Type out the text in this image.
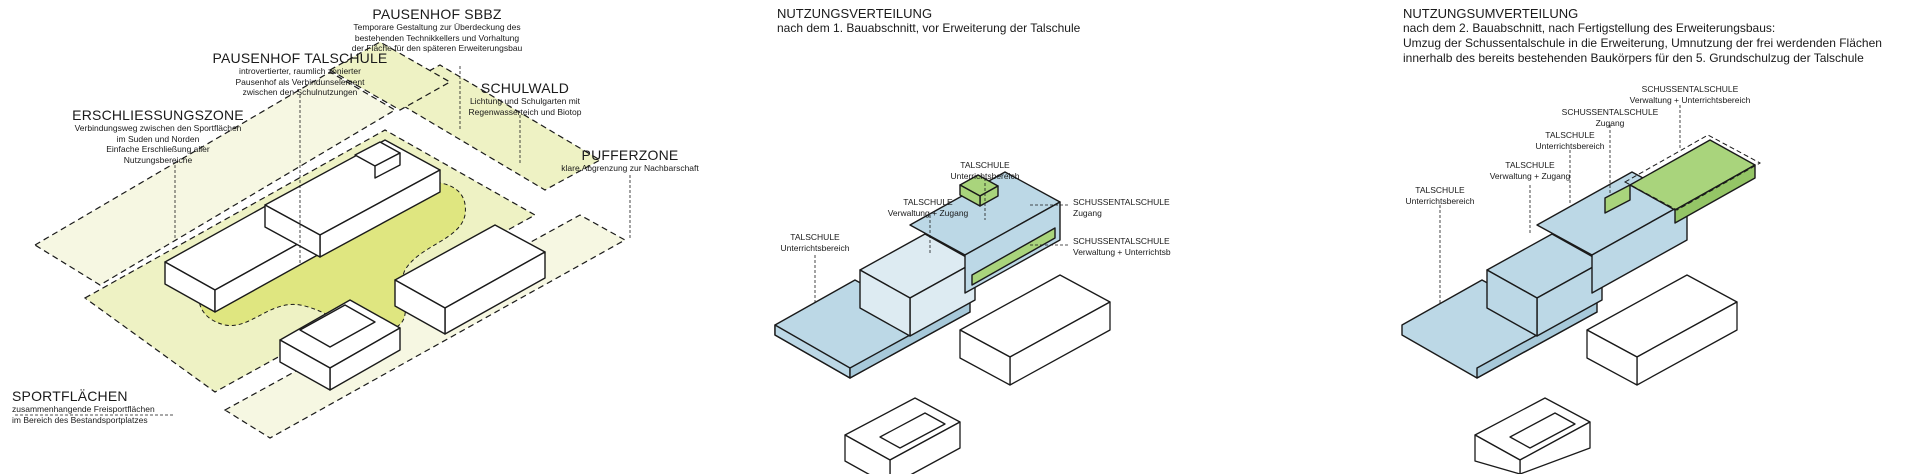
PAUSENHOF SBBZ
Temporare Gestaltung zur Überdeckung des
bestehenden Technikkellers und Vorhaltung
der Fläche für den späteren Erweiterungsbau
PAUSENHOF TALSCHULE
introvertierter, raumlich zonierter
Pausenhof als Verbindunselement
zwischen den Schulnutzungen
ERSCHLIESSUNGSZONE
Verbindungsweg zwischen den Sportflächen
im Suden und Norden
Einfache Erschließung aller
Nutzungsbereiche
SCHULWALD
Lichtung und Schulgarten mit
Regenwasserteich und Biotop
PUFFERZONE
klare Abgrenzung zur Nachbarschaft
SPORTFLÄCHEN
zusammenhangende Freisportflächen
im Bereich des Bestandsportplatzes
NUTZUNGSVERTEILUNG
nach dem 1. Bauabschnitt, vor Erweiterung der Talschule
TALSCHULE
Unterrichtsbereich
TALSCHULE
Verwaltung + Zugang
TALSCHULE
Unterrichtsbereich
SCHUSSENTALSCHULE
Zugang
SCHUSSENTALSCHULE
Verwaltung + Unterrichtsb
NUTZUNGSUMVERTEILUNG
nach dem 2. Bauabschnitt, nach Fertigstellung des Erweiterungsbaus:
Umzug der Schussentalschule in die Erweiterung, Umnutzung der frei werdenden Flächen
innerhalb des bereits bestehenden Baukörpers für den 5. Grundschulzug der Talschule
SCHUSSENTALSCHULE
Verwaltung + Unterrichtsbereich
SCHUSSENTALSCHULE
Zugang
TALSCHULE
Unterrichtsbereich
TALSCHULE
Verwaltung + Zugang
TALSCHULE
Unterrichtsbereich
